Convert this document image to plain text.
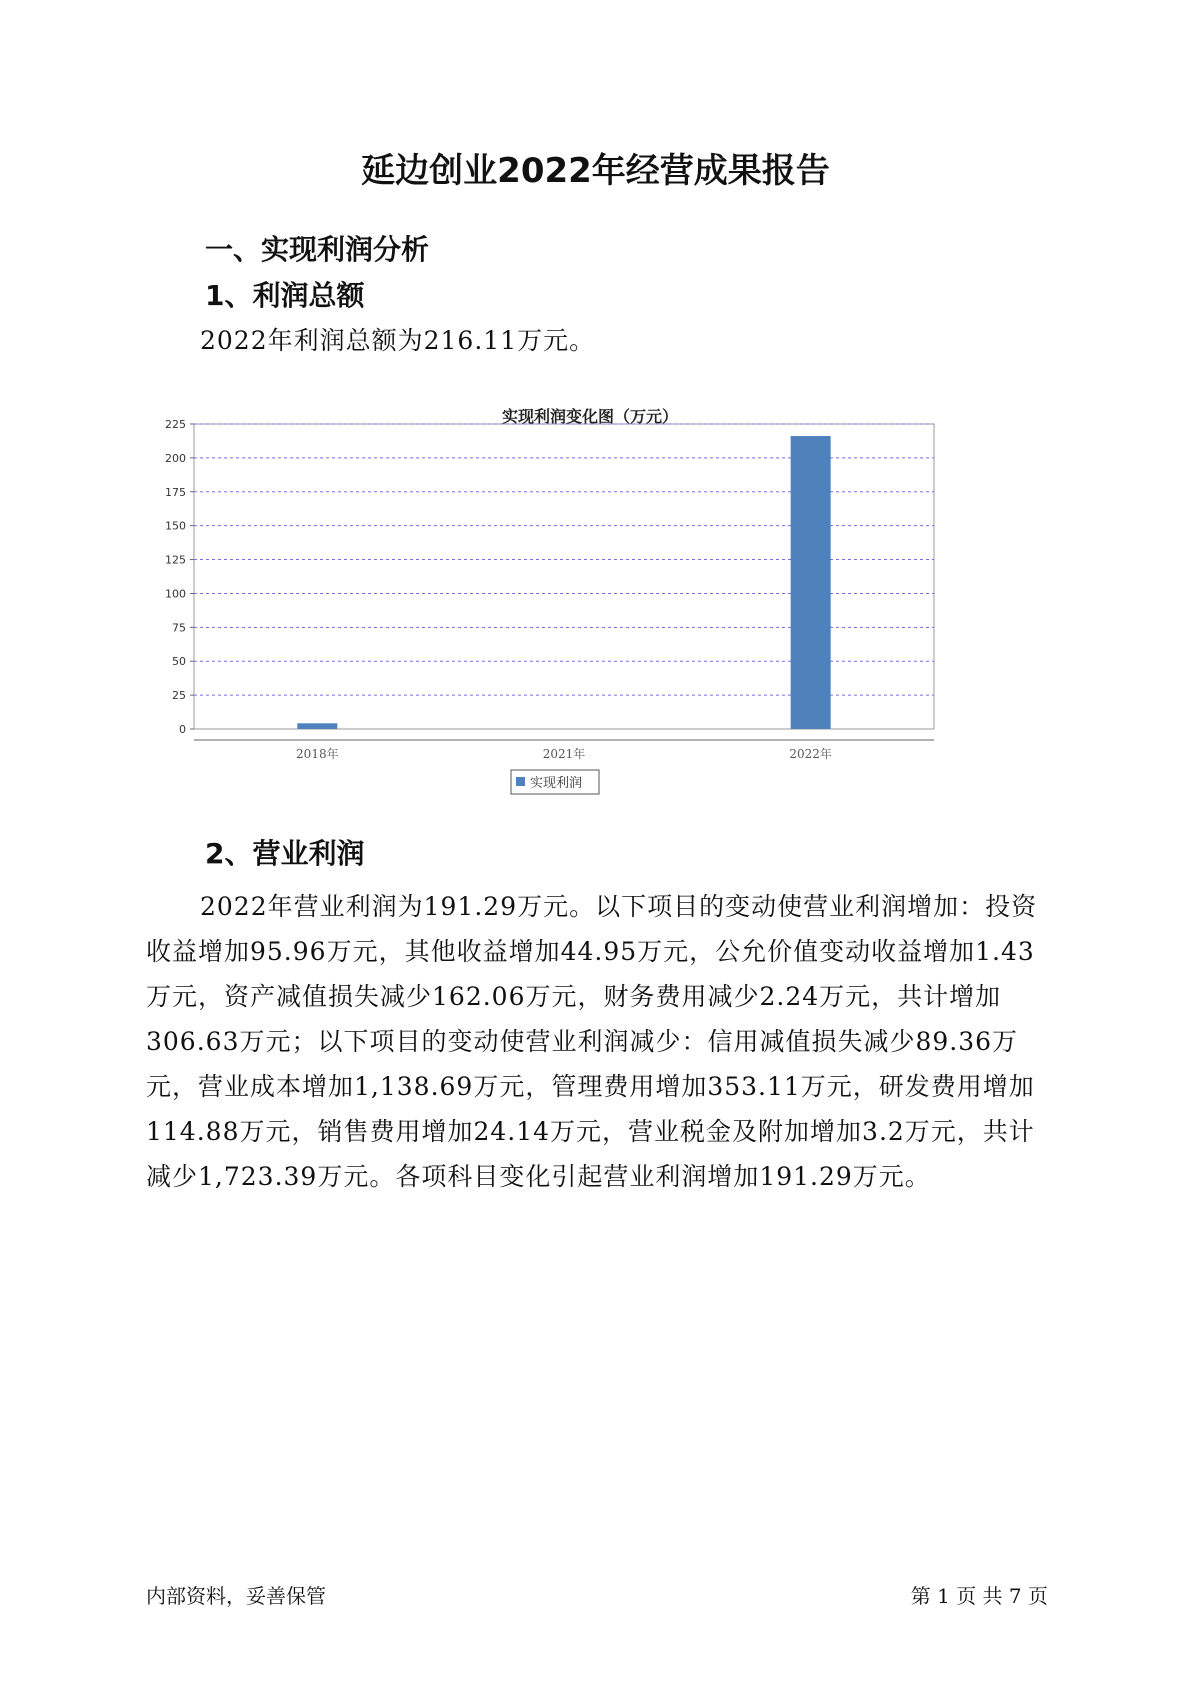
延边创业2022年经营成果报告
一、实现利润分析
1、利润总额
2022年利润总额为216.11万元。
实现利润变化图（万元）
0
25
50
75
100
125
150
175
200
225
2018年	2021年	2022年
实现利润
2、营业利润
2022年营业利润为191.29万元。以下项目的变动使营业利润增加：投资收益增加95.96万元，其他收益增加44.95万元，公允价值变动收益增加1.43万元，资产减值损失减少162.06万元，财务费用减少2.24万元，共计增加306.63万元；以下项目的变动使营业利润减少：信用减值损失减少89.36万元，营业成本增加1,138.69万元，管理费用增加353.11万元，研发费用增加114.88万元，销售费用增加24.14万元，营业税金及附加增加3.2万元，共计减少1,723.39万元。各项科目变化引起营业利润增加191.29万元。
内部资料，妥善保管	第 1 页 共 7 页
